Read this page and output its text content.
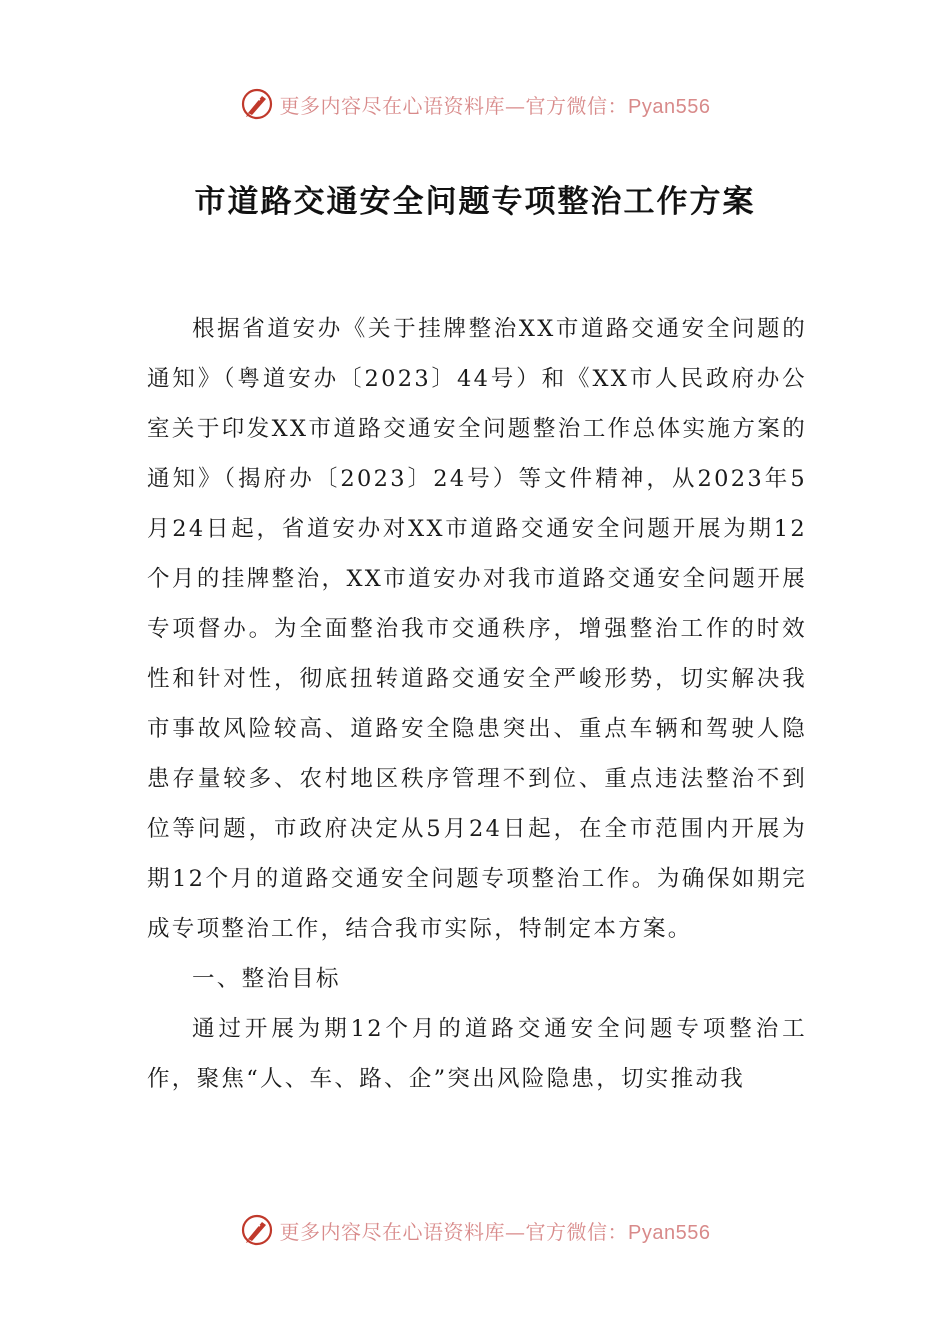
更多内容尽在心语资料库—官方微信：Pyan556
市道路交通安全问题专项整治工作方案

根据省道安办《关于挂牌整治XX市道路交通安全问题的通知》（粤道安办〔2023〕44号）和《XX市人民政府办公室关于印发XX市道路交通安全问题整治工作总体实施方案的通知》（揭府办〔2023〕24号）等文件精神，从2023年5月24日起，省道安办对XX市道路交通安全问题开展为期12个月的挂牌整治，XX市道安办对我市道路交通安全问题开展专项督办。为全面整治我市交通秩序，增强整治工作的时效性和针对性，彻底扭转道路交通安全严峻形势，切实解决我市事故风险较高、道路安全隐患突出、重点车辆和驾驶人隐患存量较多、农村地区秩序管理不到位、重点违法整治不到位等问题，市政府决定从5月24日起，在全市范围内开展为期12个月的道路交通安全问题专项整治工作。为确保如期完成专项整治工作，结合我市实际，特制定本方案。

一、整治目标

通过开展为期12个月的道路交通安全问题专项整治工作，聚焦“人、车、路、企”突出风险隐患，切实推动我

更多内容尽在心语资料库—官方微信：Pyan556
